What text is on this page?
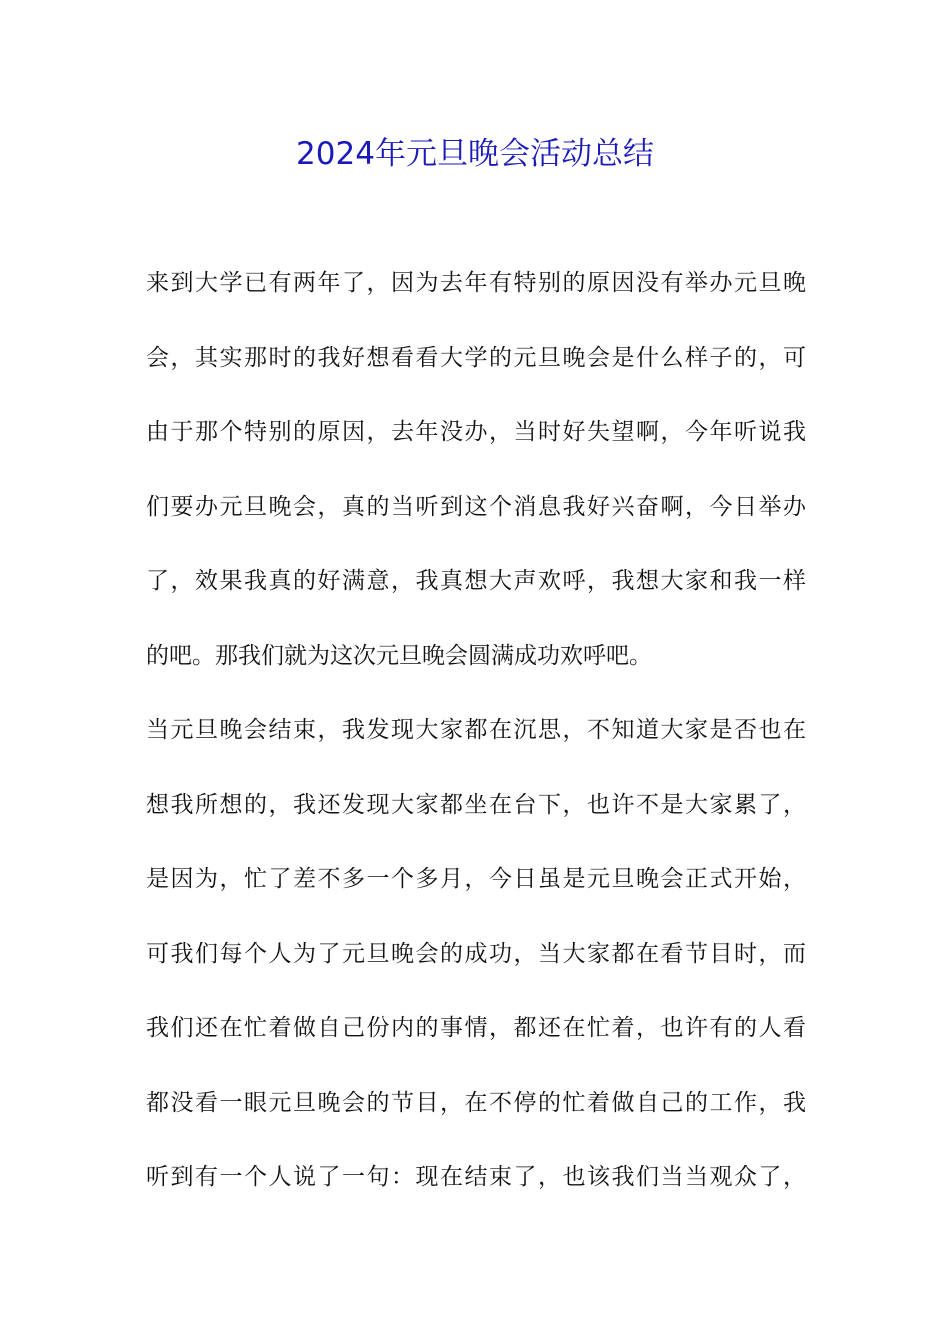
2024年元旦晚会活动总结
来到大学已有两年了，因为去年有特别的原因没有举办元旦晚
会，其实那时的我好想看看大学的元旦晚会是什么样子的，可
由于那个特别的原因，去年没办，当时好失望啊，今年听说我
们要办元旦晚会，真的当听到这个消息我好兴奋啊，今日举办
了，效果我真的好满意，我真想大声欢呼，我想大家和我一样
的吧。那我们就为这次元旦晚会圆满成功欢呼吧。
当元旦晚会结束，我发现大家都在沉思，不知道大家是否也在
想我所想的，我还发现大家都坐在台下，也许不是大家累了，
是因为，忙了差不多一个多月，今日虽是元旦晚会正式开始，
可我们每个人为了元旦晚会的成功，当大家都在看节目时，而
我们还在忙着做自己份内的事情，都还在忙着，也许有的人看
都没看一眼元旦晚会的节目，在不停的忙着做自己的工作，我
听到有一个人说了一句：现在结束了，也该我们当当观众了，
